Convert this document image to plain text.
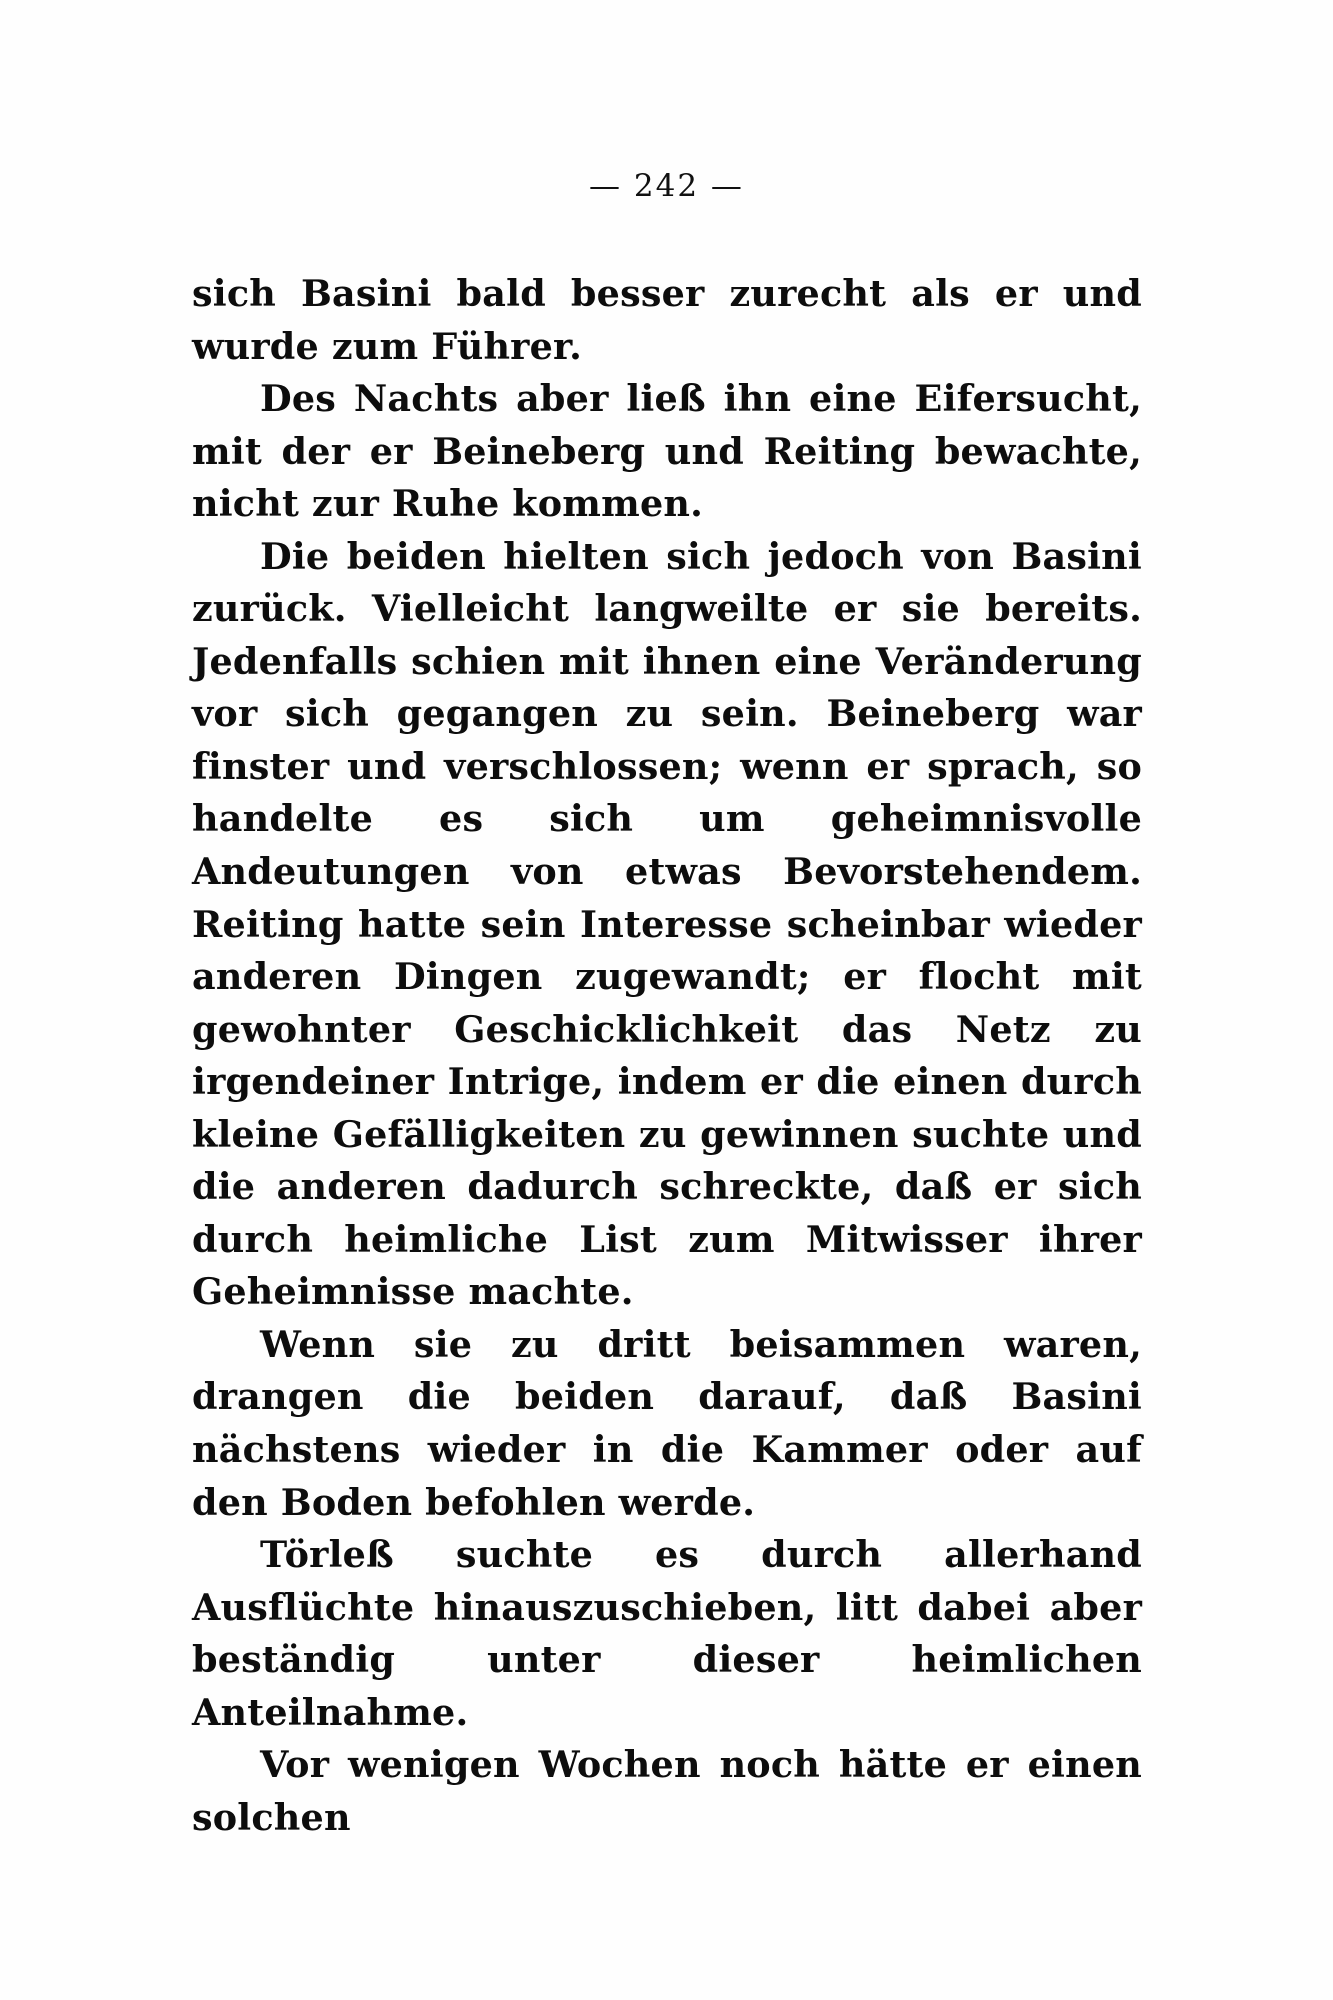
— 242 —

sich Basini bald besser zurecht als er und wurde zum Führer.

Des Nachts aber ließ ihn eine Eifersucht, mit der er Beineberg und Reiting bewachte, nicht zur Ruhe kommen.

Die beiden hielten sich jedoch von Basini zurück. Vielleicht langweilte er sie bereits. Jedenfalls schien mit ihnen eine Veränderung vor sich gegangen zu sein. Beineberg war finster und verschlossen; wenn er sprach, so handelte es sich um geheimnisvolle Andeutungen von etwas Bevorstehendem. Reiting hatte sein Interesse scheinbar wieder anderen Dingen zugewandt; er flocht mit gewohnter Geschicklichkeit das Netz zu irgendeiner Intrige, indem er die einen durch kleine Gefälligkeiten zu gewinnen suchte und die anderen dadurch schreckte, daß er sich durch heimliche List zum Mitwisser ihrer Geheimnisse machte.

Wenn sie zu dritt beisammen waren, drangen die beiden darauf, daß Basini nächstens wieder in die Kammer oder auf den Boden befohlen werde.

Törleß suchte es durch allerhand Ausflüchte hinauszuschieben, litt dabei aber beständig unter dieser heimlichen Anteilnahme.

Vor wenigen Wochen noch hätte er einen solchen
